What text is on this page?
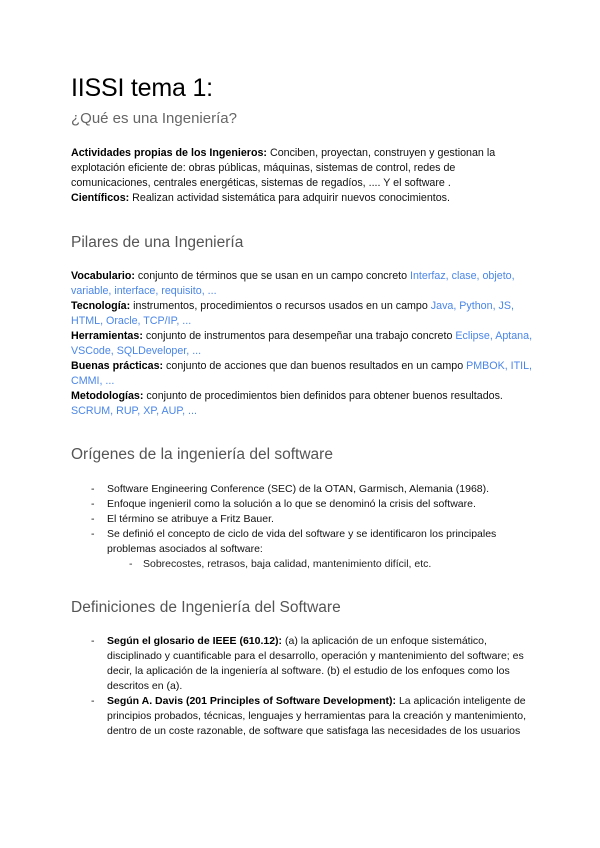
IISSI tema 1:
¿Qué es una Ingeniería?

Actividades propias de los Ingenieros: Conciben, proyectan, construyen y gestionan la explotación eficiente de: obras públicas, máquinas, sistemas de control, redes de comunicaciones, centrales energéticas, sistemas de regadíos, .... Y el software .

Científicos: Realizan actividad sistemática para adquirir nuevos conocimientos.

Pilares de una Ingeniería

Vocabulario: conjunto de términos que se usan en un campo concreto Interfaz, clase, objeto, variable, interface, requisito, ...

Tecnología: instrumentos, procedimientos o recursos usados en un campo Java, Python, JS, HTML, Oracle, TCP/IP, ...

Herramientas: conjunto de instrumentos para desempeñar una trabajo concreto Eclipse, Aptana, VSCode, SQLDeveloper, ...

Buenas prácticas: conjunto de acciones que dan buenos resultados en un campo PMBOK, ITIL, CMMI, ...

Metodologías: conjunto de procedimientos bien definidos para obtener buenos resultados. SCRUM, RUP, XP, AUP, ...

Orígenes de la ingeniería del software
- Software Engineering Conference (SEC) de la OTAN, Garmisch, Alemania (1968).
- Enfoque ingenieril como la solución a lo que se denominó la crisis del software.
- El término se atribuye a Fritz Bauer.
- Se definió el concepto de ciclo de vida del software y se identificaron los principales problemas asociados al software:
- Sobrecostes, retrasos, baja calidad, mantenimiento difícil, etc.
Definiciones de Ingeniería del Software
- Según el glosario de IEEE (610.12): (a) la aplicación de un enfoque sistemático, disciplinado y cuantificable para el desarrollo, operación y mantenimiento del software; es decir, la aplicación de la ingeniería al software. (b) el estudio de los enfoques como los descritos en (a).
- Según A. Davis (201 Principles of Software Development): La aplicación inteligente de principios probados, técnicas, lenguajes y herramientas para la creación y mantenimiento, dentro de un coste razonable, de software que satisfaga las necesidades de los usuarios
